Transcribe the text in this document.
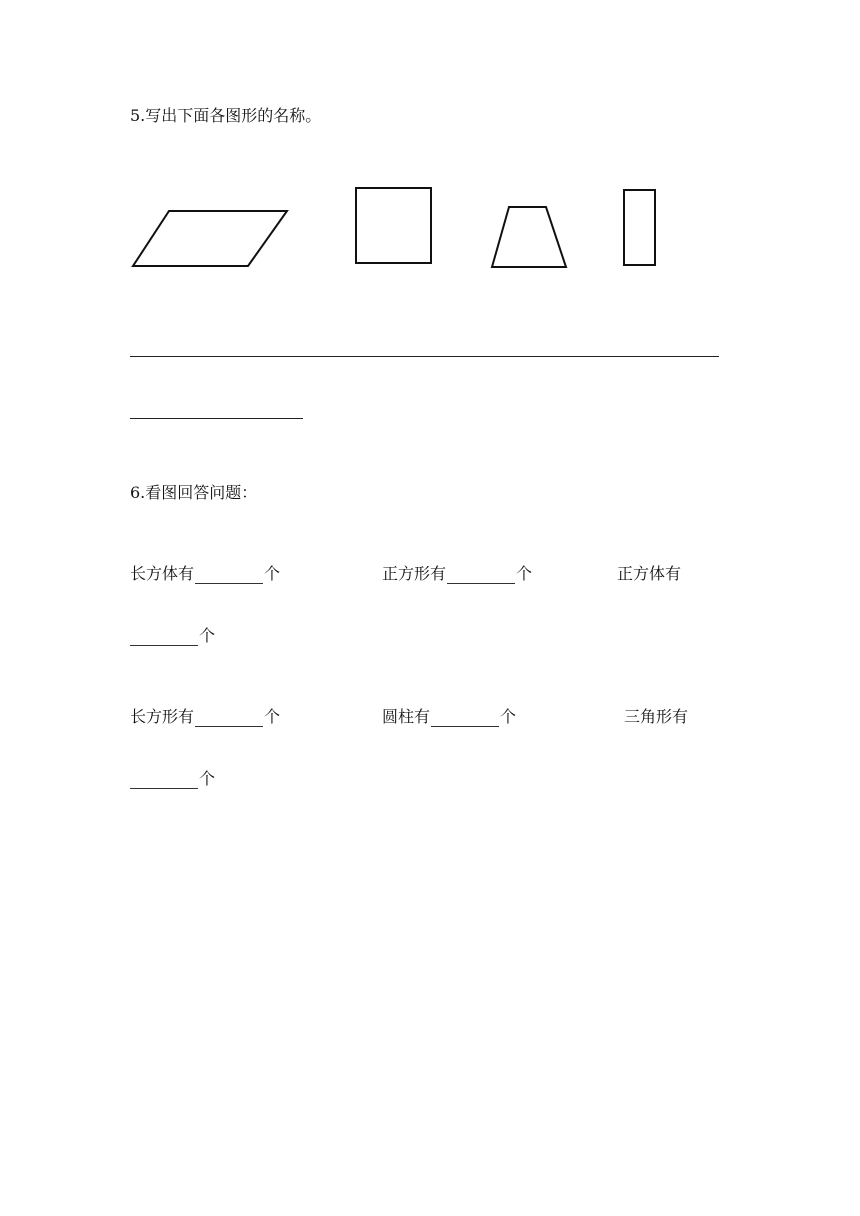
5.写出下面各图形的名称。
6.看图回答问题：
长方体有	个	正方形有	个	正方体有
个
长方形有	个	圆柱有	个	三角形有
个
